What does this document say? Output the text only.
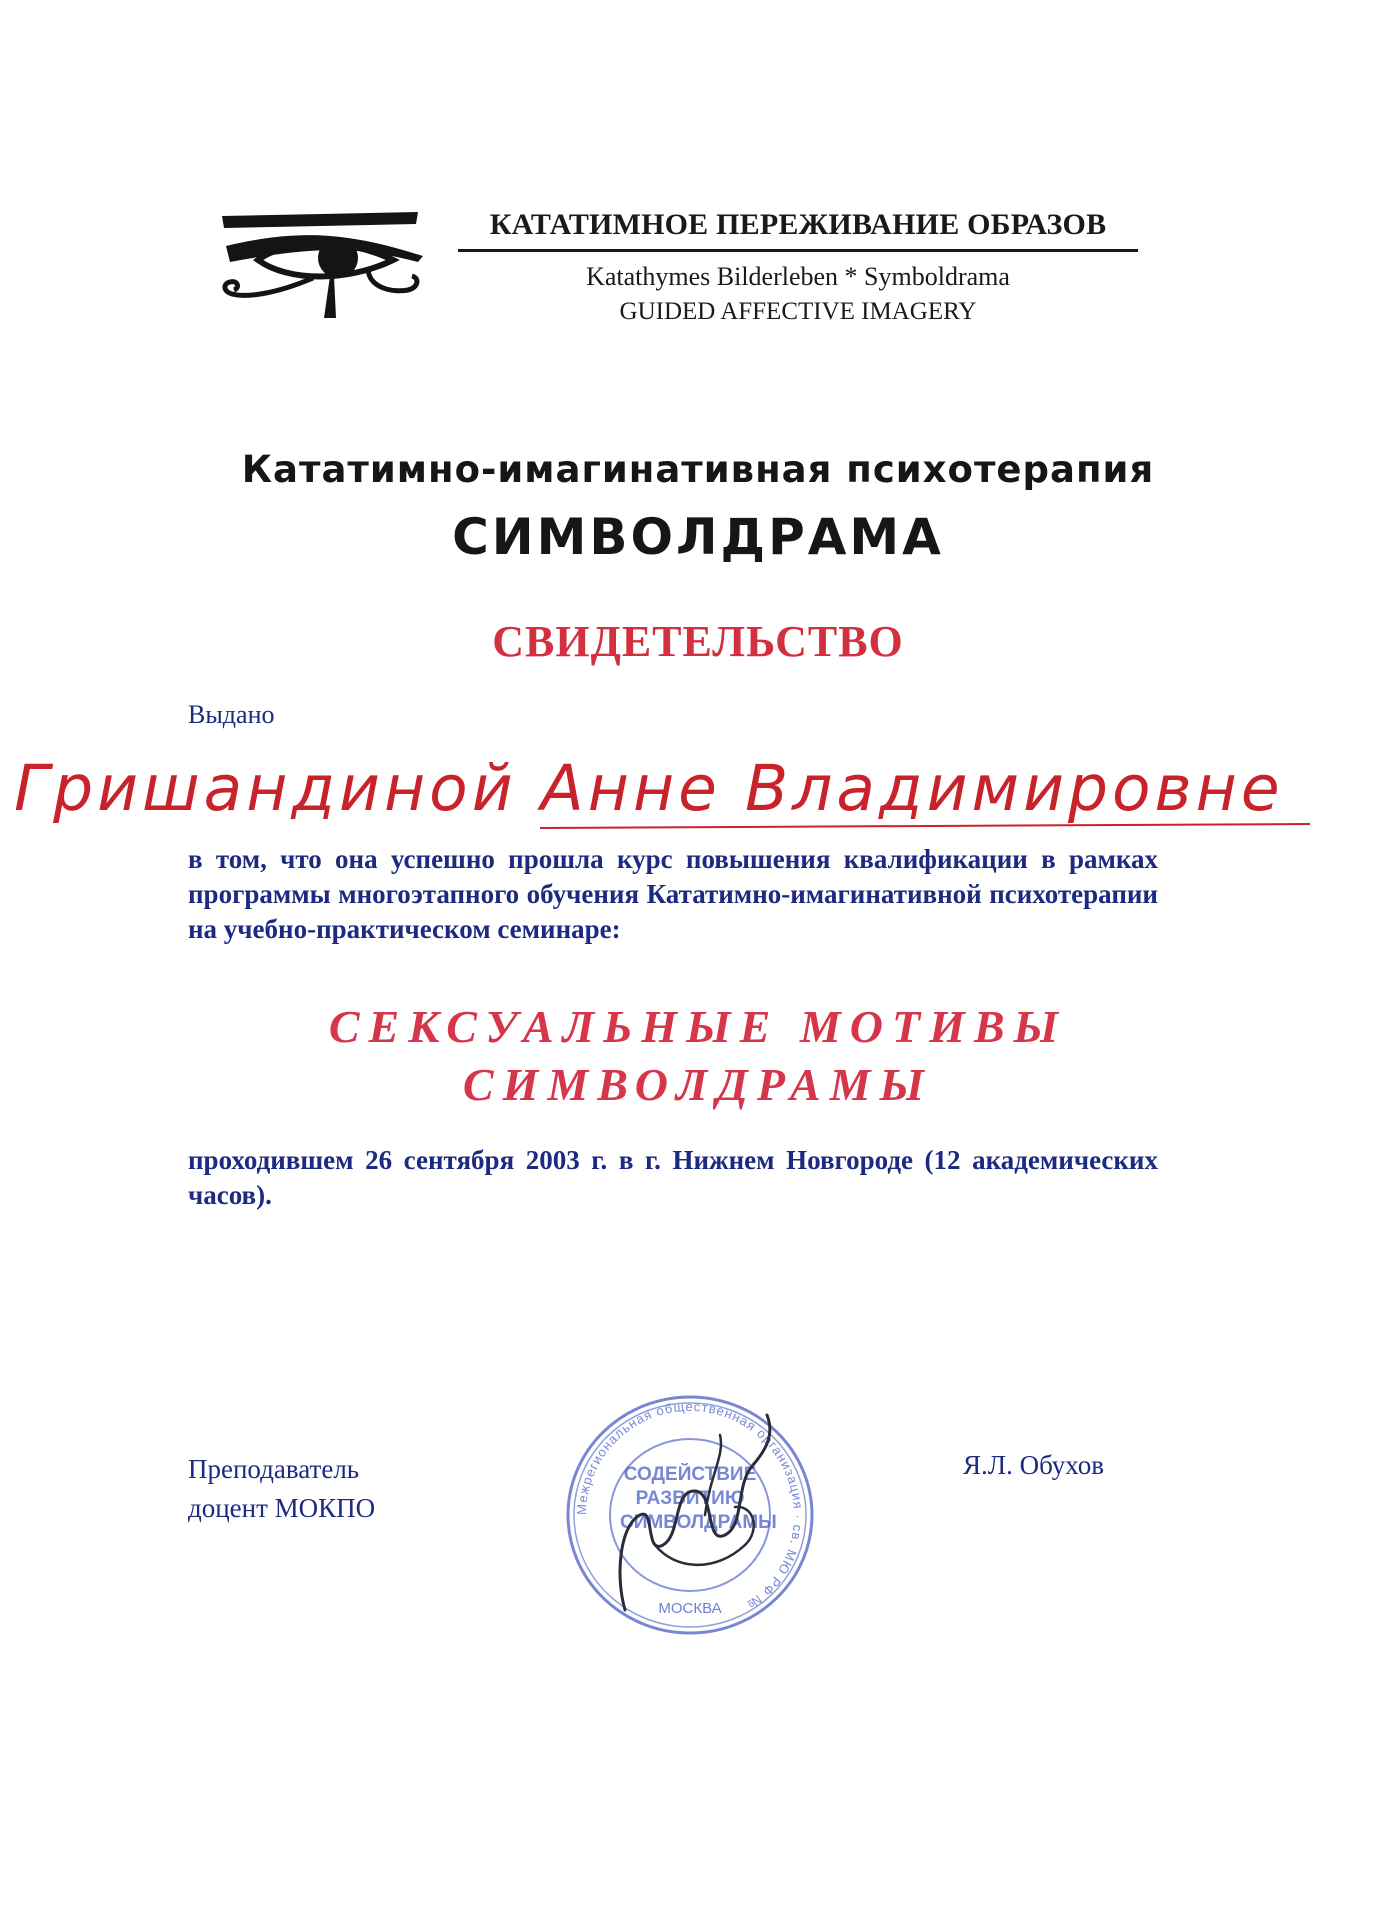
КАТАТИМНОЕ ПЕРЕЖИВАНИЕ ОБРАЗОВ
Katathymes Bilderleben * Symboldrama
GUIDED AFFECTIVE IMAGERY
Кататимно-имагинативная психотерапия
СИМВОЛДРАМА
СВИДЕТЕЛЬСТВО
Выдано
Гришандиной Анне Владимировне
в том, что она успешно прошла курс повышения квалификации в рамках программы многоэтапного обучения Кататимно-имагинативной психотерапии на учебно-практическом семинаре:
СЕКСУАЛЬНЫЕ МОТИВЫ
СИМВОЛДРАМЫ
проходившем 26 сентября 2003 г. в г. Нижнем Новгороде (12 академических часов).
Преподаватель
доцент МОКПО
Я.Л. Обухов
Межрегиональная общественная организация · св. МЮ РФ №
МОСКВА
СОДЕЙСТВИЕ РАЗВИТИЮ СИМВОЛДРАМЫ
